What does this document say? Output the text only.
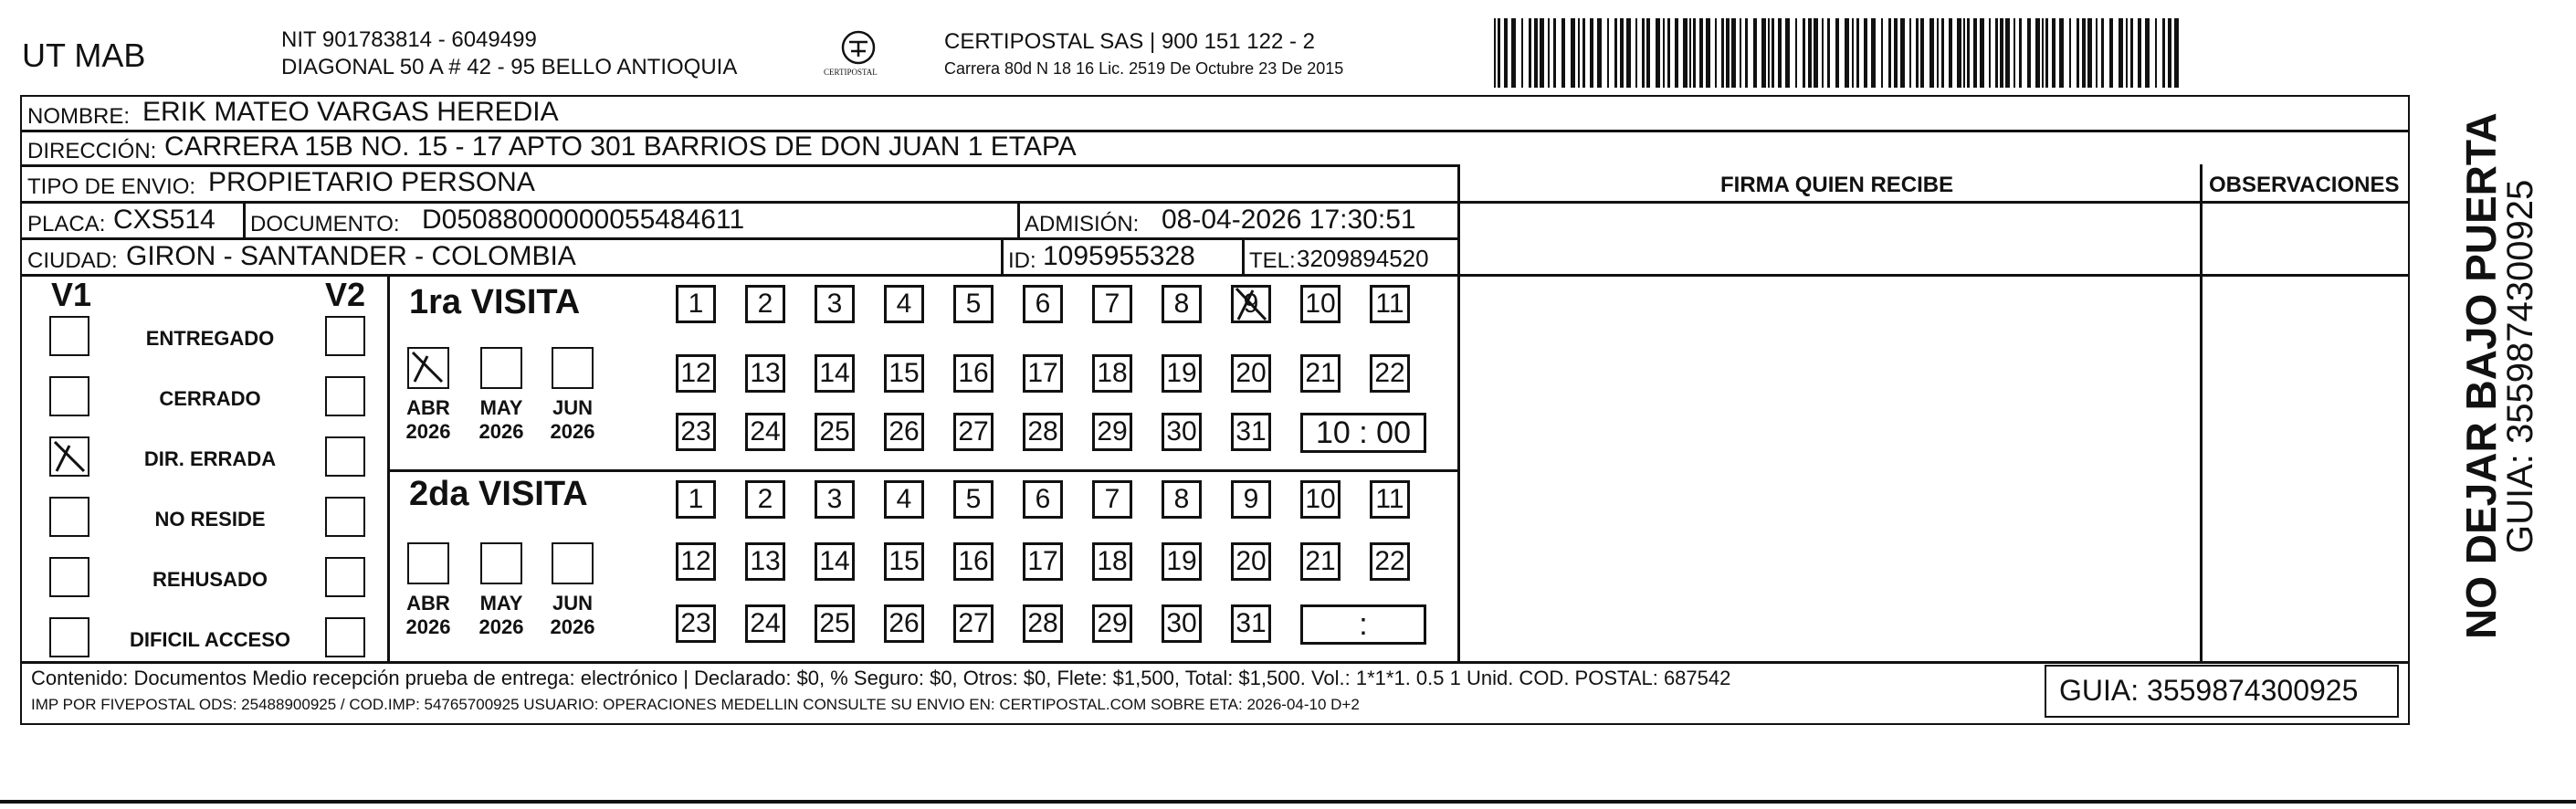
UT MAB	NIT 901783814 - 6049499
DIAGONAL 50 A # 42 - 95 BELLO ANTIOQUIA	CERTIPOSTAL
CERTIPOSTAL SAS | 900 151 122 - 2
Carrera 80d N 18 16 Lic. 2519 De Octubre 23 De 2015
NOMBRE: ERIK MATEO VARGAS HEREDIA
DIRECCIÓN: CARRERA 15B NO. 15 - 17 APTO 301 BARRIOS DE DON JUAN 1 ETAPA
TIPO DE ENVIO: PROPIETARIO PERSONA
PLACA: CXS514 DOCUMENTO: D05088000000055484611	ADMISIÓN: 08-04-2026 17:30:51
CIUDAD: GIRON - SANTANDER - COLOMBIA	ID: 1095955328 TEL: 3209894520
FIRMA QUIEN RECIBE	OBSERVACIONES
V1	V2
ENTREGADO
CERRADO
DIR. ERRADA
NO RESIDE
REHUSADO
DIFICIL ACCESO
1ra VISITA
ABR
2026
MAY
2026
JUN
2026
1	2	3	4	5	6	7	8	9 10 11
12 13 14 15 16 17 18 19 20 21 22
23 24 25 26 27 28 29 30 31	10 : 00
2da VISITA
ABR
2026
MAY
2026
JUN
2026
1	2	3	4	5	6	7	8	9	10 11
12 13 14 15 16 17 18 19 20 21 22
23 24 25 26 27 28 29 30 31	:
Contenido: Documentos Medio recepción prueba de entrega: electrónico | Declarado: $0, % Seguro: $0, Otros: $0, Flete: $1,500, Total: $1,500. Vol.: 1*1*1. 0.5 1 Unid. COD. POSTAL: 687542
IMP POR FIVEPOSTAL ODS: 25488900925 / COD.IMP: 54765700925 USUARIO: OPERACIONES MEDELLIN CONSULTE SU ENVIO EN: CERTIPOSTAL.COM SOBRE ETA: 2026-04-10 D+2	GUIA: 3559874300925
NO DEJAR BAJO PUERTA
GUIA: 3559874300925
